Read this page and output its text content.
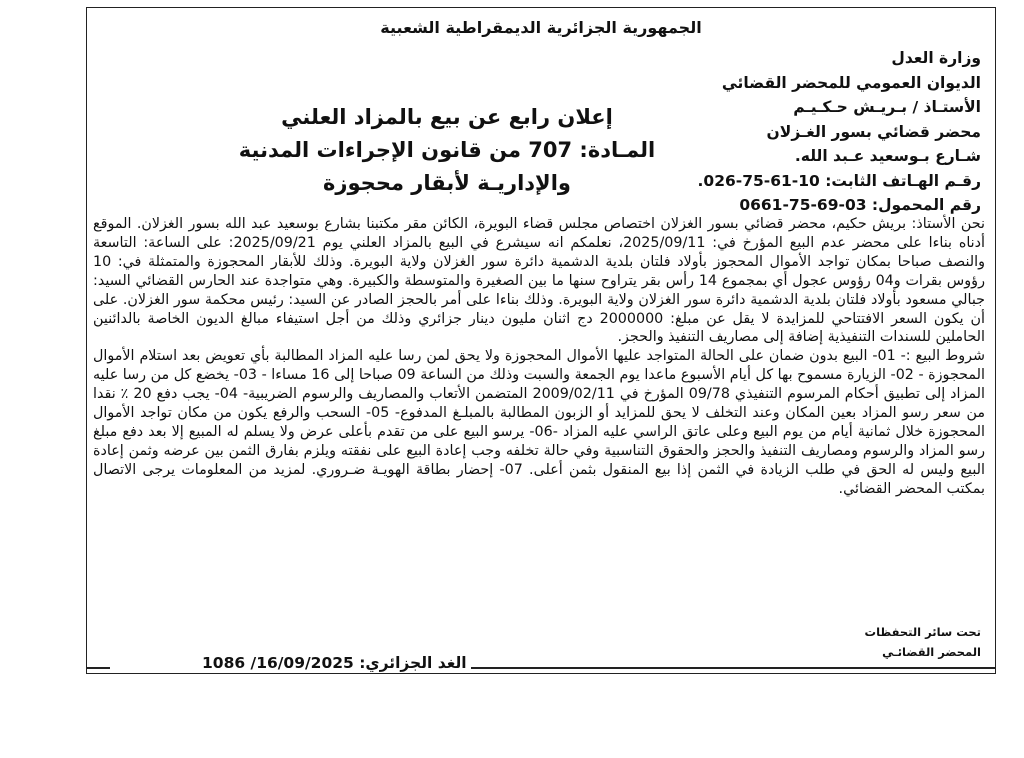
الجمهورية الجزائرية الديمقراطية الشعبية
وزارة العدل
الديوان العمومي للمحضر القضائي
الأستـاذ / بـريـش حـكـيـم
محضر قضائي بسور الغـزلان
شـارع بـوسعيد عـبد الله.
رقـم الهـاتف الثابت: 10-61-75-026.
رقم المحمول: 03-69-75-0661
إعلان رابع عن بيع بالمزاد العلني
المـادة: 707 من قانون الإجراءات المدنية
والإداريـة لأبقار محجوزة

نحن الأستاذ: بريش حكيم، محضر قضائي بسور الغزلان اختصاص مجلس قضاء البويرة، الكائن مقر مكتبنا بشارع بوسعيد عبد الله بسور الغزلان. الموقع أدناه بناءا على محضر عدم البيع المؤرخ في: 2025/09/11، نعلمكم انه سيشرع في البيع بالمزاد العلني يوم 2025/09/21: على الساعة: التاسعة والنصف صباحا بمكان تواجد الأموال المحجوز بأولاد فلتان بلدية الدشمية دائرة سور الغزلان ولاية البويرة. وذلك للأبقار المحجوزة والمتمثلة في: 10 رؤوس بقرات و04 رؤوس عجول أي بمجموع 14 رأس بقر يتراوح سنها ما بين الصغيرة والمتوسطة والكبيرة. وهي متواجدة عند الحارس القضائي السيد: جبالي مسعود بأولاد فلتان بلدية الدشمية دائرة سور الغزلان ولاية البويرة. وذلك بناءا على أمر بالحجز الصادر عن السيد: رئيس محكمة سور الغزلان. على أن يكون السعر الافتتاحي للمزايدة لا يقل عن مبلغ: 2000000 دج اثنان مليون دينار جزائري وذلك من أجل استيفاء مبالغ الديون الخاصة بالدائنين الحاملين للسندات التنفيذية إضافة إلى مصاريف التنفيذ والحجز.

شروط البيع :- 01- البيع بدون ضمان على الحالة المتواجد عليها الأموال المحجوزة ولا يحق لمن رسا عليه المزاد المطالبة بأي تعويض بعد استلام الأموال المحجوزة - 02- الزيارة مسموح بها كل أيام الأسبوع ماعدا يوم الجمعة والسبت وذلك من الساعة 09 صباحا إلى 16 مساءا - 03- يخضع كل من رسا عليه المزاد إلى تطبيق أحكام المرسوم التنفيذي 09/78 المؤرخ في 2009/02/11 المتضمن الأتعاب والمصاريف والرسوم الضريبية- 04- يجب دفع 20 ٪ نقدا من سعر رسو المزاد بعين المكان وعند التخلف لا يحق للمزايد أو الزبون المطالبة بالمبلـغ المدفوع- 05- السحب والرفع يكون من مكان تواجد الأموال المحجوزة خلال ثمانية أيام من يوم البيع وعلى عاتق الراسي عليه المزاد -06- يرسو البيع على من تقدم بأعلى عرض ولا يسلم له المبيع إلا بعد دفع مبلغ رسو المزاد والرسوم ومصاريف التنفيذ والحجز والحقوق التناسبية وفي حالة تخلفه وجب إعادة البيع على نفقته ويلزم بفارق الثمن بين عرضه وثمن إعادة البيع وليس له الحق في طلب الزيادة في الثمن إذا بيع المنقول بثمن أعلى. 07- إحضار بطاقة الهويـة ضـروري. لمزيد من المعلومات يرجى الاتصال بمكتب المحضر القضائي.

تحت سائر التحفظات
المحضر القضائـي
1086 /16/09/2025 الغد الجزائري:
